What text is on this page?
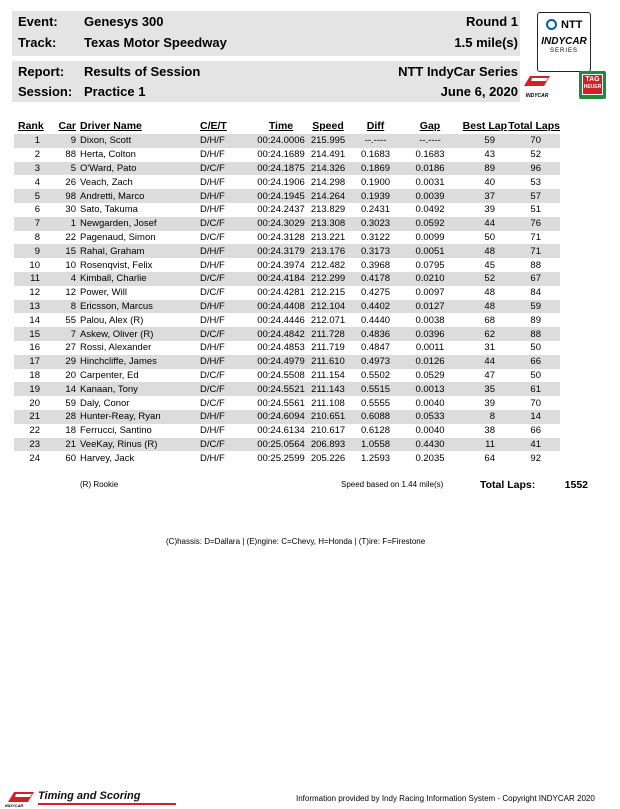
Event: Genesys 300	Round 1
Track: Texas Motor Speedway	1.5 mile(s)
Report: Results of Session	NTT IndyCar Series
Session: Practice 1	June 6, 2020
NTT
INDYCAR
SERIES
INDYCAR
TAG
HEUER
Rank	Car	Driver Name	C/E/T	Time	Speed	Diff	Gap	Best Lap	Total Laps
1	9	Dixon, Scott	D/H/F	00:24.0006	215.995	--.----	--.----	59	70
2	88	Herta, Colton	D/H/F	00:24.1689	214.491	0.1683	0.1683	43	52
3	5	O'Ward, Pato	D/C/F	00:24.1875	214.326	0.1869	0.0186	89	96
4	26	Veach, Zach	D/H/F	00:24.1906	214.298	0.1900	0.0031	40	53
5	98	Andretti, Marco	D/H/F	00:24.1945	214.264	0.1939	0.0039	37	57
6	30	Sato, Takuma	D/H/F	00:24.2437	213.829	0.2431	0.0492	39	51
7	1	Newgarden, Josef	D/C/F	00:24.3029	213.308	0.3023	0.0592	44	76
8	22	Pagenaud, Simon	D/C/F	00:24.3128	213.221	0.3122	0.0099	50	71
9	15	Rahal, Graham	D/H/F	00:24.3179	213.176	0.3173	0.0051	48	71
10	10	Rosenqvist, Felix	D/H/F	00:24.3974	212.482	0.3968	0.0795	45	88
11	4	Kimball, Charlie	D/C/F	00:24.4184	212.299	0.4178	0.0210	52	67
12	12	Power, Will	D/C/F	00:24.4281	212.215	0.4275	0.0097	48	84
13	8	Ericsson, Marcus	D/H/F	00:24.4408	212.104	0.4402	0.0127	48	59
14	55	Palou, Alex (R)	D/H/F	00:24.4446	212.071	0.4440	0.0038	68	89
15	7	Askew, Oliver (R)	D/C/F	00:24.4842	211.728	0.4836	0.0396	62	88
16	27	Rossi, Alexander	D/H/F	00:24.4853	211.719	0.4847	0.0011	31	50
17	29	Hinchcliffe, James	D/H/F	00:24.4979	211.610	0.4973	0.0126	44	66
18	20	Carpenter, Ed	D/C/F	00:24.5508	211.154	0.5502	0.0529	47	50
19	14	Kanaan, Tony	D/C/F	00:24.5521	211.143	0.5515	0.0013	35	61
20	59	Daly, Conor	D/C/F	00:24.5561	211.108	0.5555	0.0040	39	70
21	28	Hunter-Reay, Ryan	D/H/F	00:24.6094	210.651	0.6088	0.0533	8	14
22	18	Ferrucci, Santino	D/H/F	00:24.6134	210.617	0.6128	0.0040	38	66
23	21	VeeKay, Rinus (R)	D/C/F	00:25.0564	206.893	1.0558	0.4430	11	41
24	60	Harvey, Jack	D/H/F	00:25.2599	205.226	1.2593	0.2035	64	92
(R) Rookie	Speed based on 1.44 mile(s)	Total Laps:	1552
(C)hassis: D=Dallara | (E)ngine: C=Chevy, H=Honda | (T)ire: F=Firestone
Timing and Scoring
INDYCAR
Information provided by Indy Racing Information System - Copyright INDYCAR 2020
